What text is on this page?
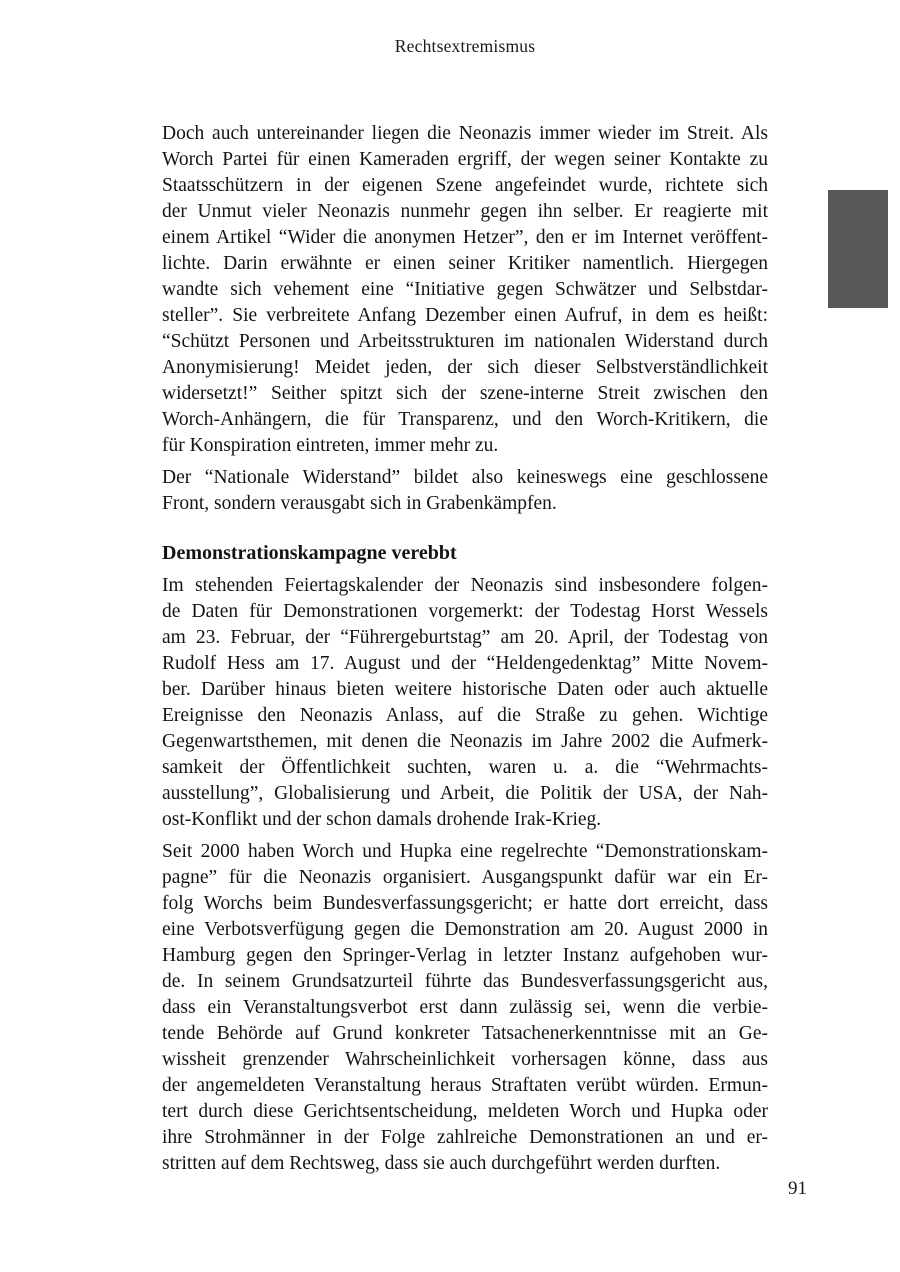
Rechtsextremismus
Doch auch untereinander liegen die Neonazis immer wieder im Streit. Als
Worch Partei für einen Kameraden ergriff, der wegen seiner Kontakte zu
Staatsschützern in der eigenen Szene angefeindet wurde, richtete sich
der Unmut vieler Neonazis nunmehr gegen ihn selber. Er reagierte mit
einem Artikel “Wider die anonymen Hetzer”, den er im Internet veröffent-
lichte. Darin erwähnte er einen seiner Kritiker namentlich. Hiergegen
wandte sich vehement eine “Initiative gegen Schwätzer und Selbstdar-
steller”. Sie verbreitete Anfang Dezember einen Aufruf, in dem es heißt:
“Schützt Personen und Arbeitsstrukturen im nationalen Widerstand durch
Anonymisierung! Meidet jeden, der sich dieser Selbstverständlichkeit
widersetzt!” Seither spitzt sich der szene-interne Streit zwischen den
Worch-Anhängern, die für Transparenz, und den Worch-Kritikern, die
für Konspiration eintreten, immer mehr zu.
Der “Nationale Widerstand” bildet also keineswegs eine geschlossene
Front, sondern verausgabt sich in Grabenkämpfen.
Demonstrationskampagne verebbt
Im stehenden Feiertagskalender der Neonazis sind insbesondere folgen-
de Daten für Demonstrationen vorgemerkt: der Todestag Horst Wessels
am 23. Februar, der “Führergeburtstag” am 20. April, der Todestag von
Rudolf Hess am 17. August und der “Heldengedenktag” Mitte Novem-
ber. Darüber hinaus bieten weitere historische Daten oder auch aktuelle
Ereignisse den Neonazis Anlass, auf die Straße zu gehen. Wichtige
Gegenwartsthemen, mit denen die Neonazis im Jahre 2002 die Aufmerk-
samkeit der Öffentlichkeit suchten, waren u. a. die “Wehrmachts-
ausstellung”, Globalisierung und Arbeit, die Politik der USA, der Nah-
ost-Konflikt und der schon damals drohende Irak-Krieg.
Seit 2000 haben Worch und Hupka eine regelrechte “Demonstrationskam-
pagne” für die Neonazis organisiert. Ausgangspunkt dafür war ein Er-
folg Worchs beim Bundesverfassungsgericht; er hatte dort erreicht, dass
eine Verbotsverfügung gegen die Demonstration am 20. August 2000 in
Hamburg gegen den Springer-Verlag in letzter Instanz aufgehoben wur-
de. In seinem Grundsatzurteil führte das Bundesverfassungsgericht aus,
dass ein Veranstaltungsverbot erst dann zulässig sei, wenn die verbie-
tende Behörde auf Grund konkreter Tatsachenerkenntnisse mit an Ge-
wissheit grenzender Wahrscheinlichkeit vorhersagen könne, dass aus
der angemeldeten Veranstaltung heraus Straftaten verübt würden. Ermun-
tert durch diese Gerichtsentscheidung, meldeten Worch und Hupka oder
ihre Strohmänner in der Folge zahlreiche Demonstrationen an und er-
stritten auf dem Rechtsweg, dass sie auch durchgeführt werden durften.
91
